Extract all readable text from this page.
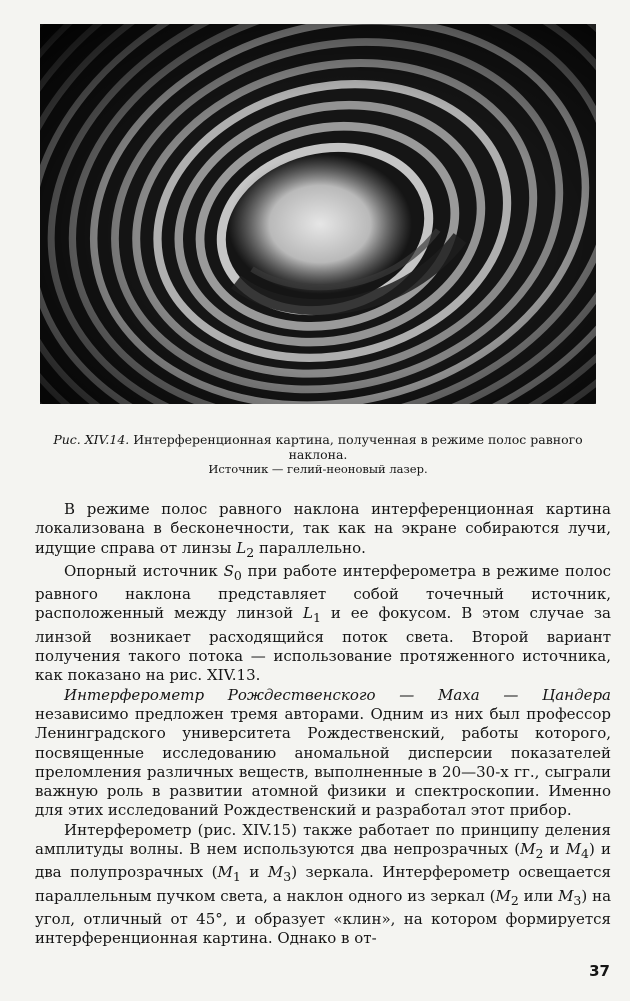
Рис. XIV.14. Интерференционная картина, полученная в режиме полос равного наклона.
Источник — гелий-неоновый лазер.

В режиме полос равного наклона интерференционная картина локализована в бесконечности, так как на экране собираются лучи, идущие справа от линзы $L_2$ параллельно.

Опорный источник $S_0$ при работе интерферометра в режиме полос равного наклона представляет собой точечный источник, расположенный между линзой $L_1$ и ее фокусом. В этом случае за линзой возникает расходящийся поток света. Второй вариант получения такого потока — использование протяженного источника, как показано на рис. XIV.13.

Интерферометр Рождественского — Маха — Цандера независимо предложен тремя авторами. Одним из них был профессор Ленинградского университета Рождественский, работы которого, посвященные исследованию аномальной дисперсии показателей преломления различных веществ, выполненные в 20—30-х гг., сыграли важную роль в развитии атомной физики и спектроскопии. Именно для этих исследований Рождественский и разработал этот прибор.

Интерферометр (рис. XIV.15) также работает по принципу деления амплитуды волны. В нем используются два непрозрачных ($M_2$ и $M_4$) и два полупрозрачных ($M_1$ и $M_3$) зеркала. Интерферометр освещается параллельным пучком света, а наклон одного из зеркал ($M_2$ или $M_3$) на угол, отличный от 45°, и образует «клин», на котором формируется интерференционная картина. Однако в от-

37
